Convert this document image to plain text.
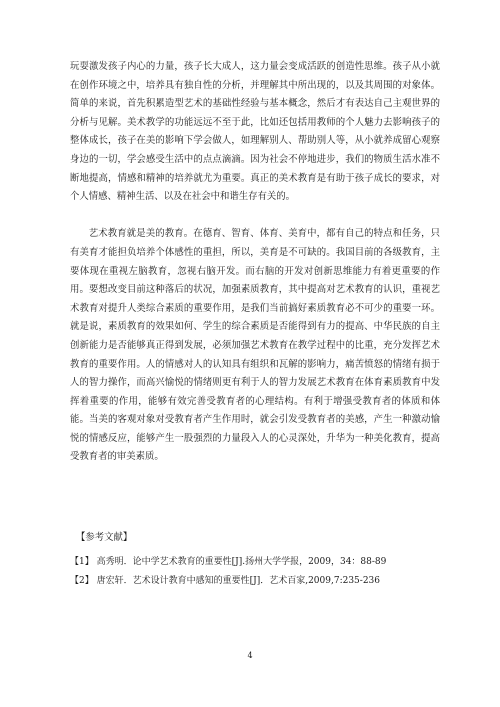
玩耍激发孩子内心的力量，孩子长大成人，这力量会变成活跃的创造性思维。孩子从小就在创作环境之中，培养具有独自性的分析，并理解其中所出现的，以及其周围的对象体。简单的来说，首先积累造型艺术的基础性经验与基本概念，然后才有表达自己主观世界的分析与见解。美术教学的功能远远不至于此，比如还包括用教师的个人魅力去影响孩子的整体成长，孩子在美的影响下学会做人，如理解别人、帮助别人等，从小就养成留心观察身边的一切，学会感受生活中的点点滴滴。因为社会不停地进步，我们的物质生活水准不断地提高，情感和精神的培养就尤为重要。真正的美术教育是有助于孩子成长的要求，对个人情感、精神生活、以及在社会中和谐生存有关的。

艺术教育就是美的教育。在德育、智育、体育、美育中，都有自己的特点和任务，只有美育才能担负培养个体感性的重担，所以，美育是不可缺的。我国目前的各级教育，主要体现在重视左脑教育，忽视右脑开发。而右脑的开发对创新思维能力有着更重要的作用。要想改变目前这种落后的状况，加强素质教育，其中提高对艺术教育的认识，重视艺术教育对提升人类综合素质的重要作用，是我们当前搞好素质教育必不可少的重要一环。就是说，素质教育的效果如何、学生的综合素质是否能得到有力的提高、中华民族的自主创新能力是否能够真正得到发展，必须加强艺术教育在教学过程中的比重，充分发挥艺术教育的重要作用。人的情感对人的认知具有组织和瓦解的影响力，痛苦愤怒的情绪有损于人的智力操作，而高兴愉悦的情绪则更有利于人的智力发展艺术教育在体育素质教育中发挥着重要的作用，能够有效完善受教育者的心理结构。有利于增强受教育者的体质和体能。当美的客观对象对受教育者产生作用时，就会引发受教育者的美感，产生一种激动愉悦的情感反应，能够产生一股强烈的力量段入人的心灵深处，升华为一种美化教育，提高受教育者的审美素质。

【参考文献】

【1】 高秀明．论中学艺术教育的重要性[J].扬州大学学报，2009，34：88-89

【2】 唐宏轩．艺术设计教育中感知的重要性[J]．艺术百家,2009,7:235-236

4
